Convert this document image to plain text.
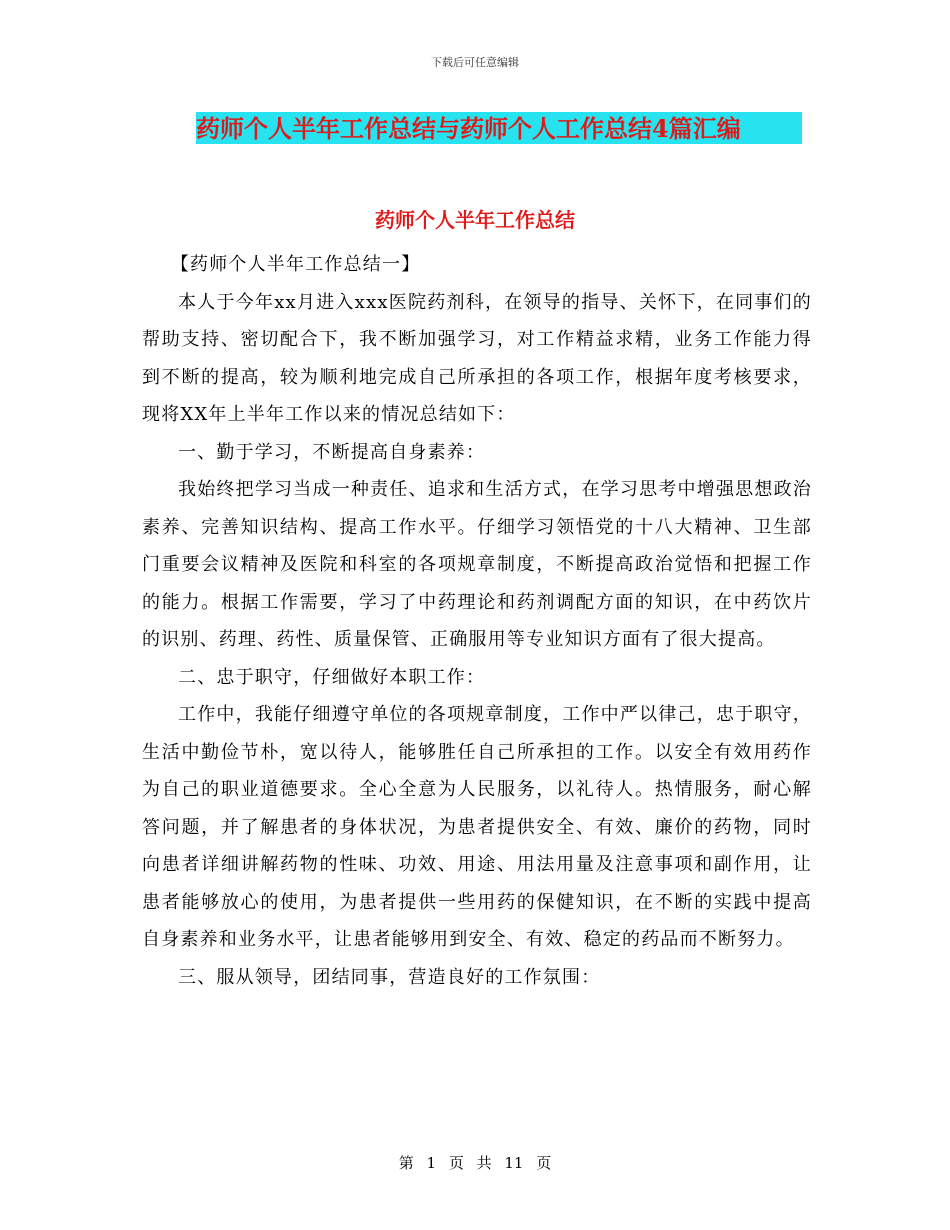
下载后可任意编辑
药师个人半年工作总结与药师个人工作总结4篇汇编
药师个人半年工作总结

【药师个人半年工作总结一】

本人于今年xx月进入xxx医院药剂科，在领导的指导、关怀下，在同事们的帮助支持、密切配合下，我不断加强学习，对工作精益求精，业务工作能力得到不断的提高，较为顺利地完成自己所承担的各项工作，根据年度考核要求，现将XX年上半年工作以来的情况总结如下：

一、勤于学习，不断提高自身素养：

我始终把学习当成一种责任、追求和生活方式，在学习思考中增强思想政治素养、完善知识结构、提高工作水平。仔细学习领悟党的十八大精神、卫生部门重要会议精神及医院和科室的各项规章制度，不断提高政治觉悟和把握工作的能力。根据工作需要，学习了中药理论和药剂调配方面的知识，在中药饮片的识别、药理、药性、质量保管、正确服用等专业知识方面有了很大提高。

二、忠于职守，仔细做好本职工作：

工作中，我能仔细遵守单位的各项规章制度，工作中严以律己，忠于职守，生活中勤俭节朴，宽以待人，能够胜任自己所承担的工作。以安全有效用药作为自己的职业道德要求。全心全意为人民服务，以礼待人。热情服务，耐心解答问题，并了解患者的身体状况，为患者提供安全、有效、廉价的药物，同时向患者详细讲解药物的性味、功效、用途、用法用量及注意事项和副作用，让患者能够放心的使用，为患者提供一些用药的保健知识，在不断的实践中提高自身素养和业务水平，让患者能够用到安全、有效、稳定的药品而不断努力。

三、服从领导，团结同事，营造良好的工作氛围：

第 1 页 共 11 页
